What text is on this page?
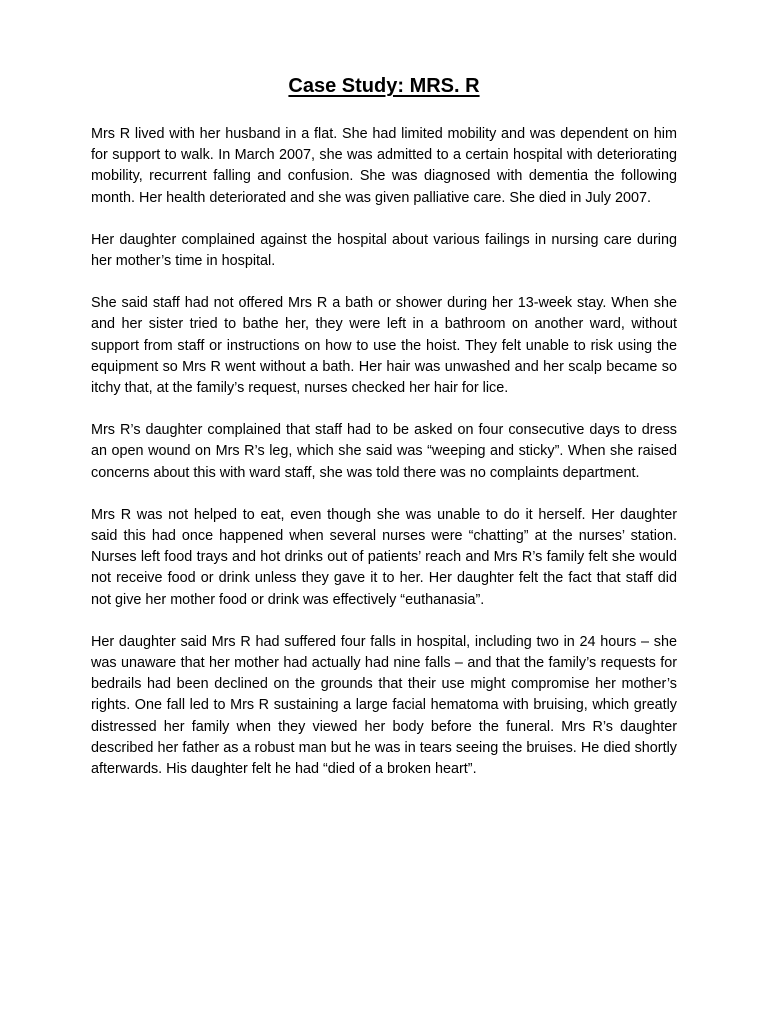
Case Study: MRS. R

Mrs R lived with her husband in a flat. She had limited mobility and was dependent on him for support to walk. In March 2007, she was admitted to a certain hospital with deteriorating mobility, recurrent falling and confusion. She was diagnosed with dementia the following month. Her health deteriorated and she was given palliative care. She died in July 2007.

Her daughter complained against the hospital about various failings in nursing care during her mother’s time in hospital.

She said staff had not offered Mrs R a bath or shower during her 13-week stay. When she and her sister tried to bathe her, they were left in a bathroom on another ward, without support from staff or instructions on how to use the hoist. They felt unable to risk using the equipment so Mrs R went without a bath. Her hair was unwashed and her scalp became so itchy that, at the family’s request, nurses checked her hair for lice.

Mrs R’s daughter complained that staff had to be asked on four consecutive days to dress an open wound on Mrs R’s leg, which she said was “weeping and sticky”. When she raised concerns about this with ward staff, she was told there was no complaints department.

Mrs R was not helped to eat, even though she was unable to do it herself. Her daughter said this had once happened when several nurses were “chatting” at the nurses’ station. Nurses left food trays and hot drinks out of patients’ reach and Mrs R’s family felt she would not receive food or drink unless they gave it to her. Her daughter felt the fact that staff did not give her mother food or drink was effectively “euthanasia”.

Her daughter said Mrs R had suffered four falls in hospital, including two in 24 hours – she was unaware that her mother had actually had nine falls – and that the family’s requests for bedrails had been declined on the grounds that their use might compromise her mother’s rights. One fall led to Mrs R sustaining a large facial hematoma with bruising, which greatly distressed her family when they viewed her body before the funeral. Mrs R’s daughter described her father as a robust man but he was in tears seeing the bruises. He died shortly afterwards. His daughter felt he had “died of a broken heart”.
